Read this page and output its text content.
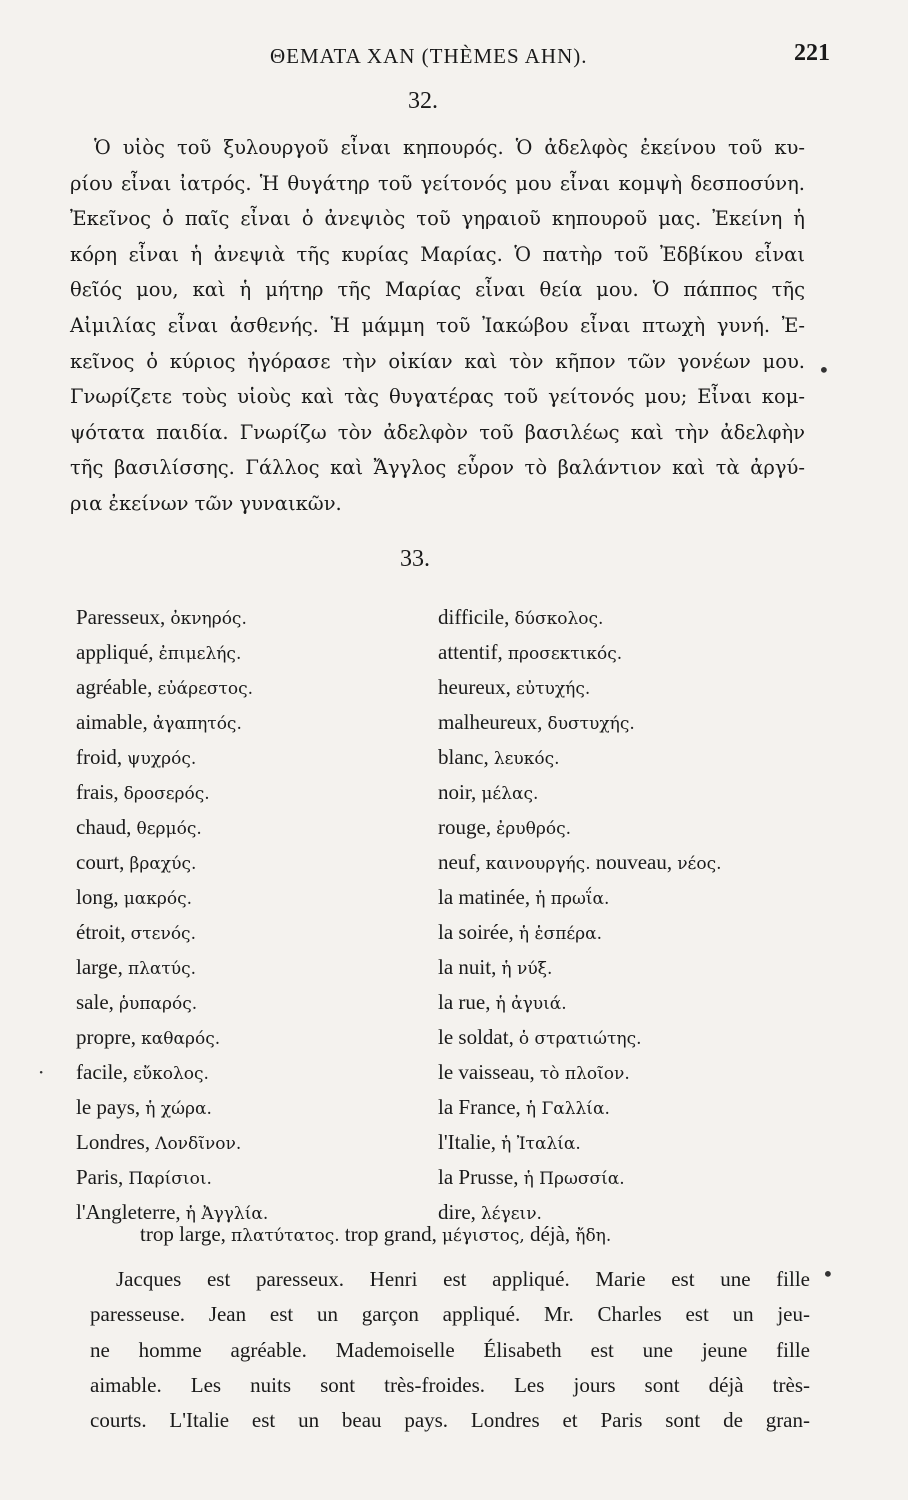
ΘΕΜΑΤΑ ΧΑΝ (THÈMES AHN).	221
32.
Ὁ υἱὸς τοῦ ξυλουργοῦ εἶναι κηπουρός. Ὁ ἀδελφὸς ἐκείνου τοῦ κυ-
ρίου εἶναι ἰατρός. Ἡ θυγάτηρ τοῦ γείτονός μου εἶναι κομψὴ δεσποσύνη.
Ἐκεῖνος ὁ παῖς εἶναι ὁ ἀνεψιὸς τοῦ γηραιοῦ κηπουροῦ μας. Ἐκείνη ἡ
κόρη εἶναι ἡ ἀνεψιὰ τῆς κυρίας Μαρίας. Ὁ πατὴρ τοῦ Ἐδβίκου εἶναι
θεῖός μου, καὶ ἡ μήτηρ τῆς Μαρίας εἶναι θεία μου. Ὁ πάππος τῆς
Αἰμιλίας εἶναι ἀσθενής. Ἡ μάμμη τοῦ Ἰακώβου εἶναι πτωχὴ γυνή. Ἐ-
κεῖνος ὁ κύριος ἠγόρασε τὴν οἰκίαν καὶ τὸν κῆπον τῶν γονέων μου.
Γνωρίζετε τοὺς υἱοὺς καὶ τὰς θυγατέρας τοῦ γείτονός μου; Εἶναι κομ-
ψότατα παιδία. Γνωρίζω τὸν ἀδελφὸν τοῦ βασιλέως καὶ τὴν ἀδελφὴν
τῆς βασιλίσσης. Γάλλος καὶ Ἄγγλος εὗρον τὸ βαλάντιον καὶ τὰ ἀργύ-
ρια ἐκείνων τῶν γυναικῶν.
33.
Paresseux, ὀκνηρός.
appliqué, ἐπιμελής.
agréable, εὐάρεστος.
aimable, ἀγαπητός.
froid, ψυχρός.
frais, δροσερός.
chaud, θερμός.
court, βραχύς.
long, μακρός.
étroit, στενός.
large, πλατύς.
sale, ῥυπαρός.
propre, καθαρός.
facile, εὔκολος.
le pays, ἡ χώρα.
Londres, Λονδῖνον.
Paris, Παρίσιοι.
l'Angleterre, ἡ Ἀγγλία.
difficile, δύσκολος.
attentif, προσεκτικός.
heureux, εὐτυχής.
malheureux, δυστυχής.
blanc, λευκός.
noir, μέλας.
rouge, ἐρυθρός.
neuf, καινουργής. nouveau, νέος.
la matinée, ἡ πρωΐα.
la soirée, ἡ ἑσπέρα.
la nuit, ἡ νύξ.
la rue, ἡ ἀγυιά.
le soldat, ὁ στρατιώτης.
le vaisseau, τὸ πλοῖον.
la France, ἡ Γαλλία.
l'Italie, ἡ Ἰταλία.
la Prusse, ἡ Πρωσσία.
dire, λέγειν.
trop large, πλατύτατος. trop grand, μέγιστος, déjà, ἤδη.
Jacques est paresseux. Henri est appliqué. Marie est une fille
paresseuse. Jean est un garçon appliqué. Mr. Charles est un jeu-
ne homme agréable. Mademoiselle Élisabeth est une jeune fille
aimable. Les nuits sont très-froides. Les jours sont déjà très-
courts. L'Italie est un beau pays. Londres et Paris sont de gran-
•
•
·
